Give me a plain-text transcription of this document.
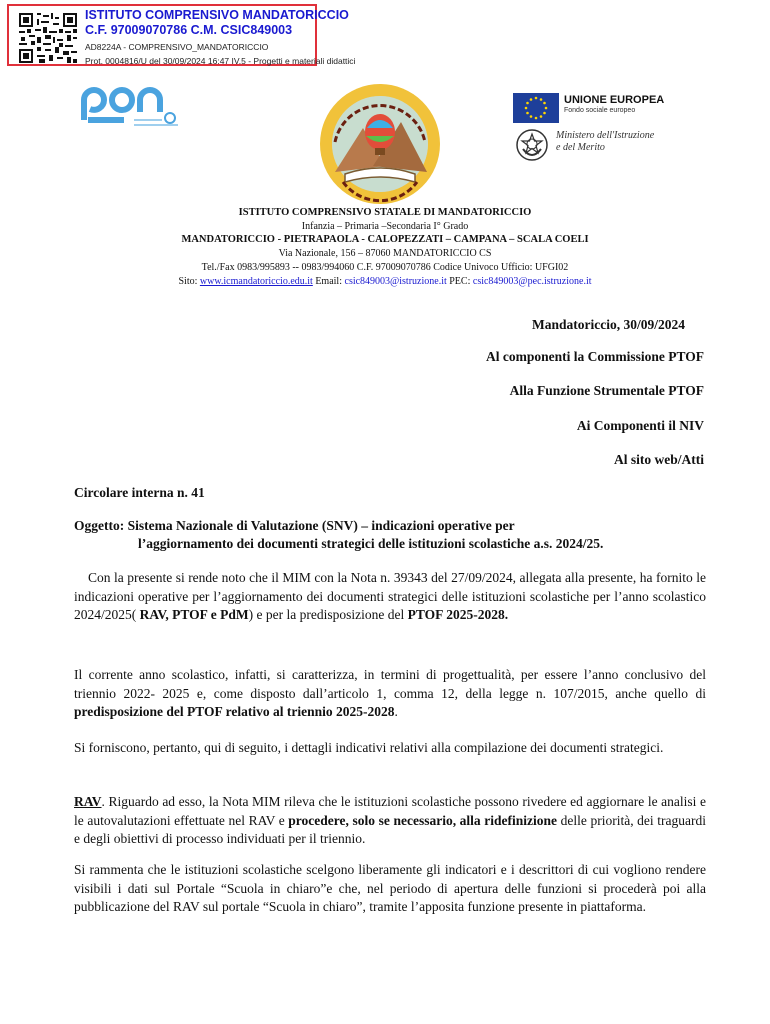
ISTITUTO COMPRENSIVO MANDATORICCIO
C.F. 97009070786 C.M. CSIC849003
AD8224A - COMPRENSIVO_MANDATORICCIO
Prot. 0004816/U del 30/09/2024 16:47 IV.5 - Progetti e materiali didattici
UNIONE EUROPEA
Fondo sociale europeo
Ministero dell'Istruzione
e del Merito
ISTITUTO COMPRENSIVO STATALE DI MANDATORICCIO
Infanzia – Primaria –Secondaria I° Grado
MANDATORICCIO - PIETRAPAOLA - CALOPEZZATI – CAMPANA – SCALA COELI
Via Nazionale, 156 – 87060 MANDATORICCIO CS
Tel./Fax 0983/995893 -- 0983/994060 C.F. 97009070786 Codice Univoco Ufficio: UFGI02
Sito: www.icmandatoriccio.edu.it Email: csic849003@istruzione.it PEC: csic849003@pec.istruzione.it
Mandatoriccio, 30/09/2024
Al componenti la Commissione PTOF
Alla Funzione Strumentale PTOF
Ai Componenti il NIV
Al sito web/Atti
Circolare interna n. 41
Oggetto: Sistema Nazionale di Valutazione (SNV) – indicazioni operative per
l’aggiornamento dei documenti strategici delle istituzioni scolastiche a.s. 2024/25.
Con la presente si rende noto che il MIM con la Nota n. 39343 del 27/09/2024, allegata alla presente, ha fornito le indicazioni operative per l’aggiornamento dei documenti strategici delle istituzioni scolastiche per l’anno scolastico 2024/2025( RAV, PTOF e PdM) e per la predisposizione del PTOF 2025-2028.
Il corrente anno scolastico, infatti, si caratterizza, in termini di progettualità, per essere l’anno conclusivo del triennio 2022- 2025 e, come disposto dall’articolo 1, comma 12, della legge n. 107/2015, anche quello di predisposizione del PTOF relativo al triennio 2025-2028.
Si forniscono, pertanto, qui di seguito, i dettagli indicativi relativi alla compilazione dei documenti strategici.
RAV. Riguardo ad esso, la Nota MIM rileva che le istituzioni scolastiche possono rivedere ed aggiornare le analisi e le autovalutazioni effettuate nel RAV e procedere, solo se necessario, alla ridefinizione delle priorità, dei traguardi e degli obiettivi di processo individuati per il triennio.
Si rammenta che le istituzioni scolastiche scelgono liberamente gli indicatori e i descrittori di cui vogliono rendere visibili i dati sul Portale “Scuola in chiaro”e che, nel periodo di apertura delle funzioni si procederà poi alla pubblicazione del RAV sul portale “Scuola in chiaro”, tramite l’apposita funzione presente in piattaforma.
